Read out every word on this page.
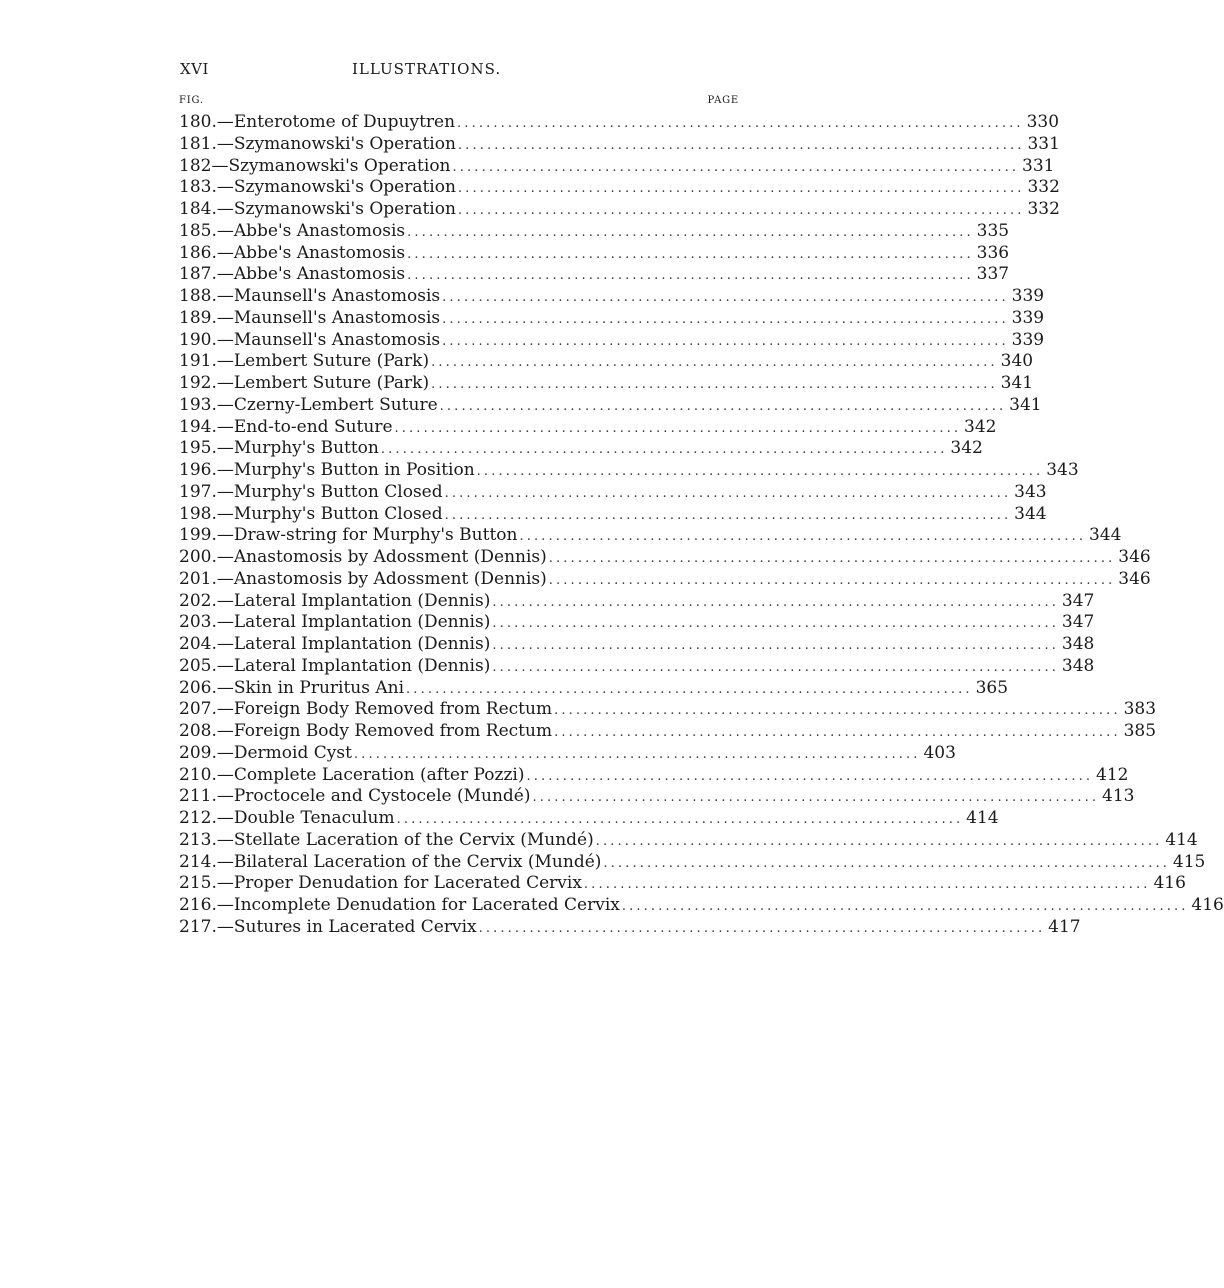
XVI	ILLUSTRATIONS.
FIG.	PAGE
180. — Enterotome of Dupuytren . . .	330
181. — Szymanowski's Operation . . .	331
182 — Szymanowski's Operation . . .	331
183. — Szymanowski's Operation . . .	332
184. — Szymanowski's Operation . . .	332
185. — Abbe's Anastomosis . . .	335
186. — Abbe's Anastomosis . . .	336
187. — Abbe's Anastomosis . . .	337
188. — Maunsell's Anastomosis . . .	339
189. — Maunsell's Anastomosis . . .	339
190. — Maunsell's Anastomosis . . .	339
191. — Lembert Suture (Park) . . .	340
192. — Lembert Suture (Park) . . .	341
193. — Czerny-Lembert Suture . . .	341
194. — End-to-end Suture . . .	342
195. — Murphy's Button . . .	342
196. — Murphy's Button in Position . . .	343
197. — Murphy's Button Closed . . .	343
198. — Murphy's Button Closed . . .	344
199. — Draw-string for Murphy's Button . . .	344
200. — Anastomosis by Adossment (Dennis) . . .	346
201. — Anastomosis by Adossment (Dennis) . . .	346
202. — Lateral Implantation (Dennis) . . .	347
203. — Lateral Implantation (Dennis) . . .	347
204. — Lateral Implantation (Dennis) . . .	348
205. — Lateral Implantation (Dennis) . . .	348
206. — Skin in Pruritus Ani . . .	365
207. — Foreign Body Removed from Rectum . . .	383
208. — Foreign Body Removed from Rectum . . .	385
209. — Dermoid Cyst . . .	403
210. — Complete Laceration (after Pozzi) . . .	412
211. — Proctocele and Cystocele (Mundé) . . .	413
212. — Double Tenaculum . . .	414
213. — Stellate Laceration of the Cervix (Mundé) . . .	414
214. — Bilateral Laceration of the Cervix (Mundé) . . .	415
215. — Proper Denudation for Lacerated Cervix . . .	416
216. — Incomplete Denudation for Lacerated Cervix . . .	416
217. — Sutures in Lacerated Cervix . . .	417
